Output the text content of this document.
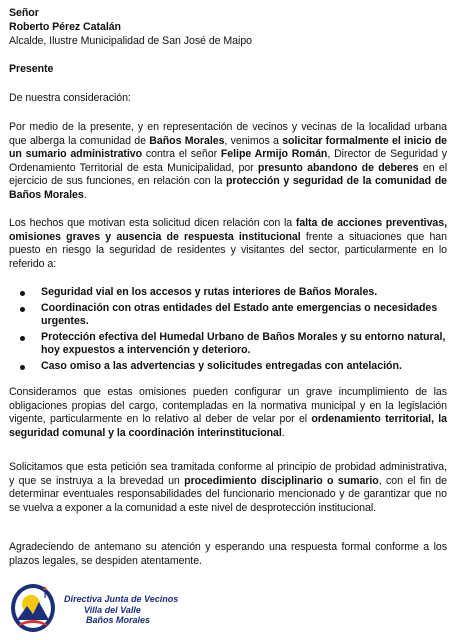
Señor

Roberto Pérez Catalán

Alcalde, Ilustre Municipalidad de San José de Maipo

Presente

De nuestra consideración:

Por medio de la presente, y en representación de vecinos y vecinas de la localidad urbana que alberga la comunidad de Baños Morales, venimos a solicitar formalmente el inicio de un sumario administrativo contra el señor Felipe Armijo Román, Director de Seguridad y Ordenamiento Territorial de esta Municipalidad, por presunto abandono de deberes en el ejercicio de sus funciones, en relación con la protección y seguridad de la comunidad de Baños Morales.

Los hechos que motivan esta solicitud dicen relación con la falta de acciones preventivas, omisiones graves y ausencia de respuesta institucional frente a situaciones que han puesto en riesgo la seguridad de residentes y visitantes del sector, particularmente en lo referido a:

Seguridad vial en los accesos y rutas interiores de Baños Morales.
Coordinación con otras entidades del Estado ante emergencias o necesidades urgentes.
Protección efectiva del Humedal Urbano de Baños Morales y su entorno natural, hoy expuestos a intervención y deterioro.
Caso omiso a las advertencias y solicitudes entregadas con antelación.

Consideramos que estas omisiones pueden configurar un grave incumplimiento de las obligaciones propias del cargo, contempladas en la normativa municipal y en la legislación vigente, particularmente en lo relativo al deber de velar por el ordenamiento territorial, la seguridad comunal y la coordinación interinstitucional.

Solicitamos que esta petición sea tramitada conforme al principio de probidad administrativa, y que se instruya a la brevedad un procedimiento disciplinario o sumario, con el fin de determinar eventuales responsabilidades del funcionario mencionado y de garantizar que no se vuelva a exponer a la comunidad a este nivel de desprotección institucional.

Agradeciendo de antemano su atención y esperando una respuesta formal conforme a los plazos legales, se despiden atentamente.

Directiva Junta de Vecinos
Villa del Valle
Baños Morales
